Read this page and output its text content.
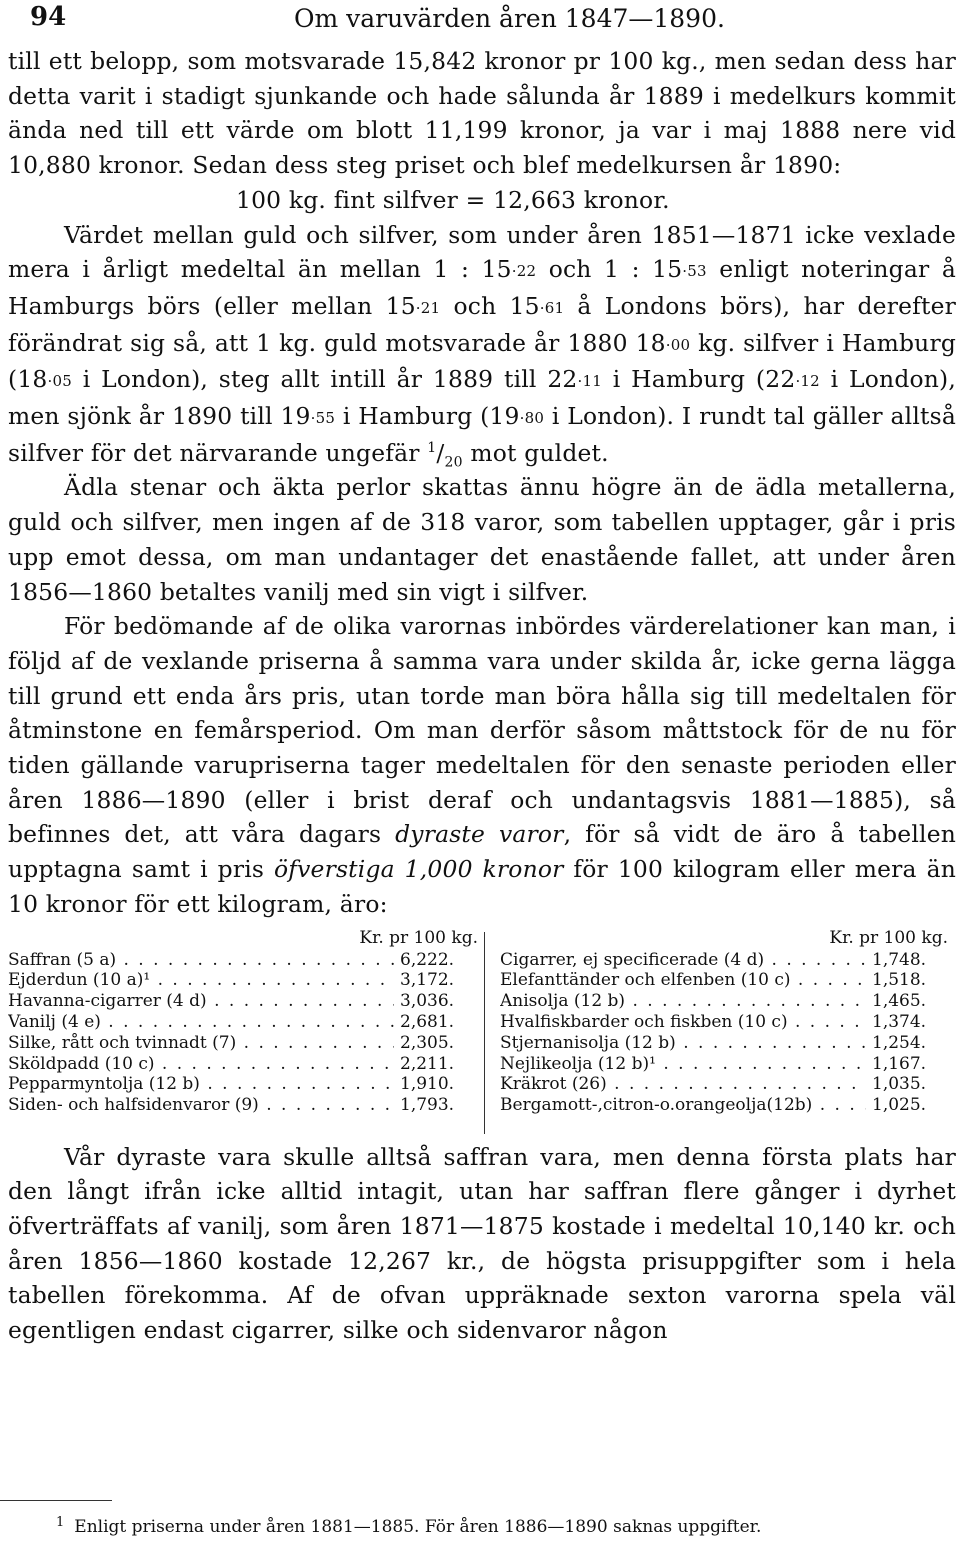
94	Om varuvärden åren 1847—1890.

till ett belopp, som motsvarade 15,842 kronor pr 100 kg., men sedan dess har detta varit i stadigt sjunkande och hade sålunda år 1889 i medelkurs kommit ända ned till ett värde om blott 11,199 kronor, ja var i maj 1888 nere vid 10,880 kronor. Sedan dess steg priset och blef medelkursen år 1890:

100 kg. fint silfver = 12,663 kronor.

Värdet mellan guld och silfver, som under åren 1851—1871 icke vexlade mera i årligt medeltal än mellan 1 : 15·22 och 1 : 15·53 enligt noteringar å Hamburgs börs (eller mellan 15·21 och 15·61 å Londons börs), har derefter förändrat sig så, att 1 kg. guld motsvarade år 1880 18·00 kg. silfver i Hamburg (18·05 i London), steg allt intill år 1889 till 22·11 i Hamburg (22·12 i London), men sjönk år 1890 till 19·55 i Hamburg (19·80 i London). I rundt tal gäller alltså silfver för det närvarande ungefär $^1/_{20}$ mot guldet.

Ädla stenar och äkta perlor skattas ännu högre än de ädla metallerna, guld och silfver, men ingen af de 318 varor, som tabellen upptager, går i pris upp emot dessa, om man undantager det enastående fallet, att under åren 1856—1860 betaltes vanilj med sin vigt i silfver.

För bedömande af de olika varornas inbördes värderelationer kan man, i följd af de vexlande priserna å samma vara under skilda år, icke gerna lägga till grund ett enda års pris, utan torde man böra hålla sig till medeltalen för åtminstone en femårsperiod. Om man derför såsom måttstock för de nu för tiden gällande varupriserna tager medeltalen för den senaste perioden eller åren 1886—1890 (eller i brist deraf och undantagsvis 1881—1885), så befinnes det, att våra dagars dyraste varor, för så vidt de äro å tabellen upptagna samt i pris öfverstiga 1,000 kronor för 100 kilogram eller mera än 10 kronor för ett kilogram, äro:

Kr. pr 100 kg.
Saffran (5 a) . . .	6,222.
Ejderdun (10 a)¹ . . .	3,172.
Havanna-cigarrer (4 d) . . .	3,036.
Vanilj (4 e) . . .	2,681.
Silke, rått och tvinnadt (7) . . .	2,305.
Sköldpadd (10 c) . . .	2,211.
Pepparmyntolja (12 b) . . .	1,910.
Siden- och halfsidenvaror (9) . . .	1,793.
Kr. pr 100 kg.
Cigarrer, ej specificerade (4 d) . . .	1,748.
Elefanttänder och elfenben (10 c) . . .	1,518.
Anisolja (12 b) . . .	1,465.
Hvalfiskbarder och fiskben (10 c) . . .	1,374.
Stjernanisolja (12 b) . . .	1,254.
Nejlikeolja (12 b)¹ . . .	1,167.
Kräkrot (26) . . .	1,035.
Bergamott-,citron-o.orangeolja(12b) . . .	1,025.

Vår dyraste vara skulle alltså saffran vara, men denna första plats har den långt ifrån icke alltid intagit, utan har saffran flere gånger i dyrhet öfverträffats af vanilj, som åren 1871—1875 kostade i medeltal 10,140 kr. och åren 1856—1860 kostade 12,267 kr., de högsta prisuppgifter som i hela tabellen förekomma. Af de ofvan uppräknade sexton varorna spela väl egentligen endast cigarrer, silke och sidenvaror någon

$^1$ Enligt priserna under åren 1881—1885. För åren 1886—1890 saknas uppgifter.
